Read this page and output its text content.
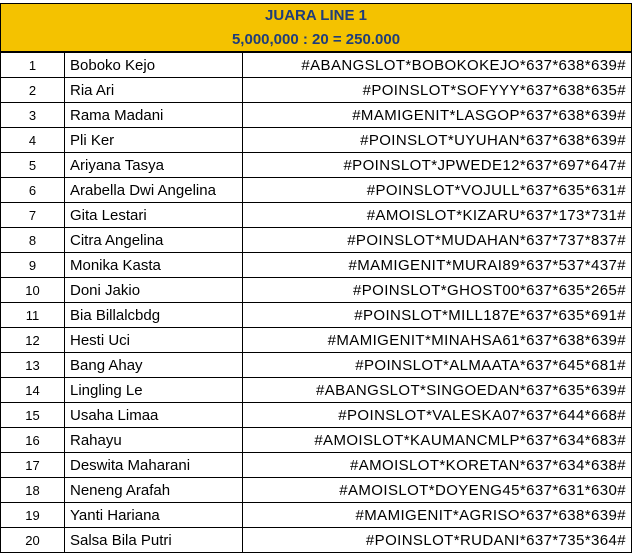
JUARA LINE 1
5,000,000 : 20 = 250.000
1	Boboko Kejo	#ABANGSLOT*BOBOKOKEJO*637*638*639#
2	Ria Ari	#POINSLOT*SOFYYY*637*638*635#
3	Rama Madani	#MAMIGENIT*LASGOP*637*638*639#
4	Pli Ker	#POINSLOT*UYUHAN*637*638*639#
5	Ariyana Tasya	#POINSLOT*JPWEDE12*637*697*647#
6	Arabella Dwi Angelina	#POINSLOT*VOJULL*637*635*631#
7	Gita Lestari	#AMOISLOT*KIZARU*637*173*731#
8	Citra Angelina	#POINSLOT*MUDAHAN*637*737*837#
9	Monika Kasta	#MAMIGENIT*MURAI89*637*537*437#
10	Doni Jakio	#POINSLOT*GHOST00*637*635*265#
11	Bia Billalcbdg	#POINSLOT*MILL187E*637*635*691#
12	Hesti Uci	#MAMIGENIT*MINAHSA61*637*638*639#
13	Bang Ahay	#POINSLOT*ALMAATA*637*645*681#
14	Lingling Le	#ABANGSLOT*SINGOEDAN*637*635*639#
15	Usaha Limaa	#POINSLOT*VALESKA07*637*644*668#
16	Rahayu	#AMOISLOT*KAUMANCMLP*637*634*683#
17	Deswita Maharani	#AMOISLOT*KORETAN*637*634*638#
18	Neneng Arafah	#AMOISLOT*DOYENG45*637*631*630#
19	Yanti Hariana	#MAMIGENIT*AGRISO*637*638*639#
20	Salsa Bila Putri	#POINSLOT*RUDANI*637*735*364#
